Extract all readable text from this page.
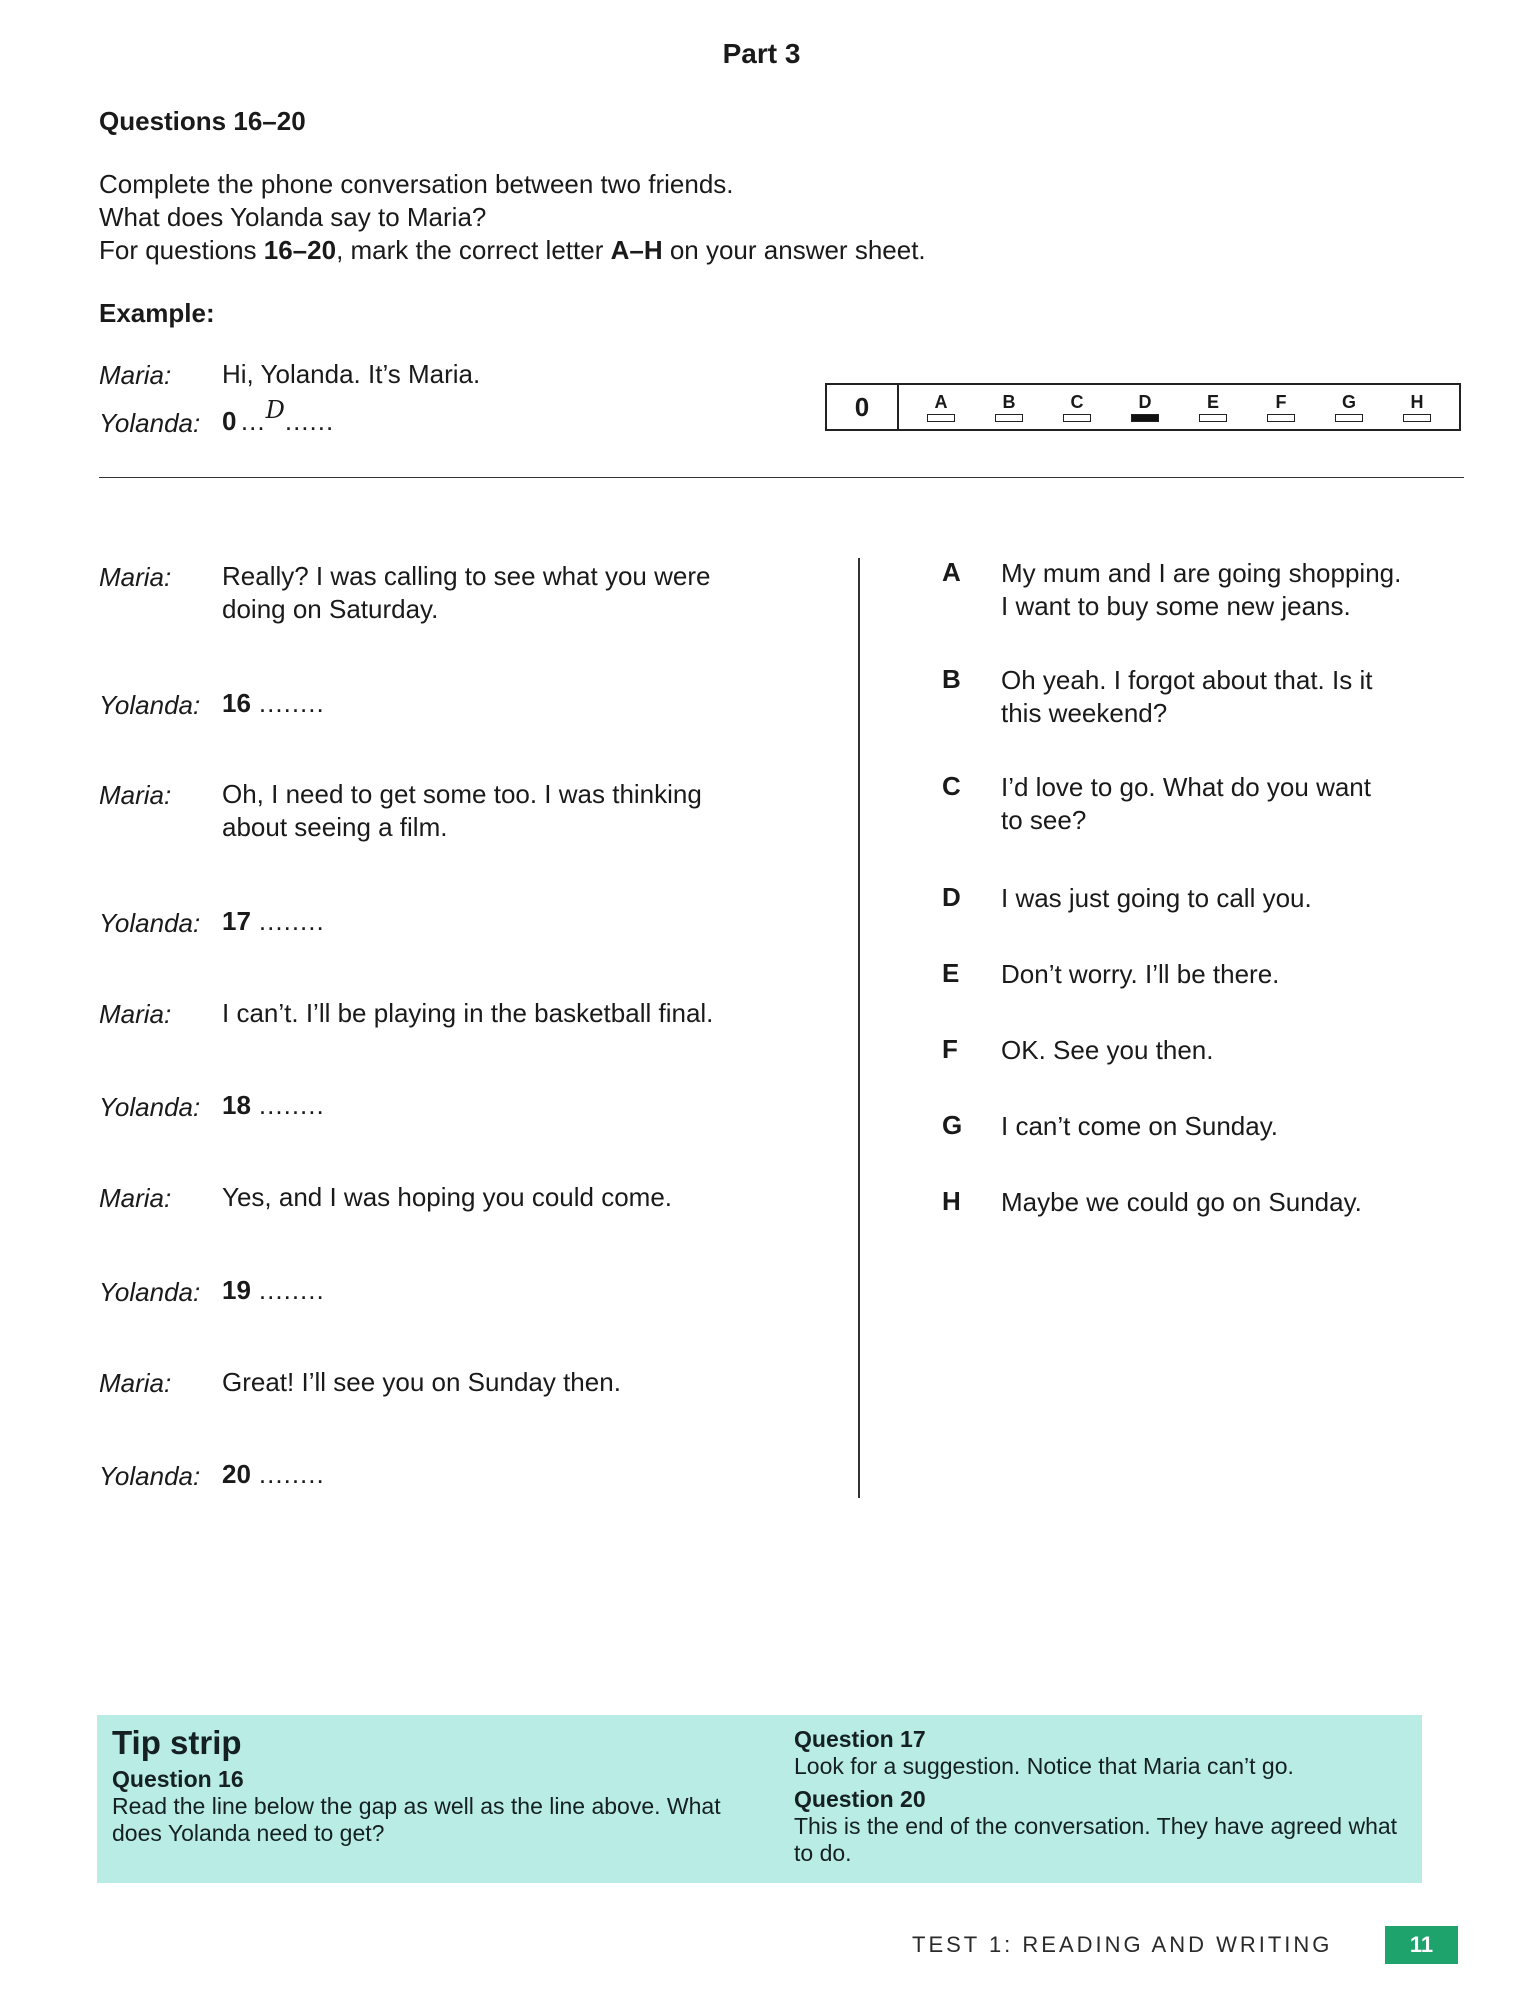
Part 3
Questions 16–20
Complete the phone conversation between two friends.
What does Yolanda say to Maria?
For questions 16–20, mark the correct letter A–H on your answer sheet.
Example:
Maria: Hi, Yolanda. It’s Maria.
Yolanda: 0 ...D......	0	A	B	C	D	E	F	G	H
Maria: Really? I was calling to see what you were
doing on Saturday.
Yolanda: 16 ........
Maria: Oh, I need to get some too. I was thinking
about seeing a film.
Yolanda: 17 ........
Maria: I can’t. I’ll be playing in the basketball final.
Yolanda: 18 ........
Maria: Yes, and I was hoping you could come.
Yolanda: 19 ........
Maria: Great! I’ll see you on Sunday then.
Yolanda: 20 ........
A My mum and I are going shopping.
I want to buy some new jeans.
B Oh yeah. I forgot about that. Is it
this weekend?
C I’d love to go. What do you want
to see?
D I was just going to call you.
E Don’t worry. I’ll be there.
F OK. See you then.
G I can’t come on Sunday.
H Maybe we could go on Sunday.
Tip strip
Question 16
Read the line below the gap as well as the line above. What
does Yolanda need to get?
Question 17
Look for a suggestion. Notice that Maria can’t go.
Question 20
This is the end of the conversation. They have agreed what
to do.
TEST 1: READING AND WRITING	11
